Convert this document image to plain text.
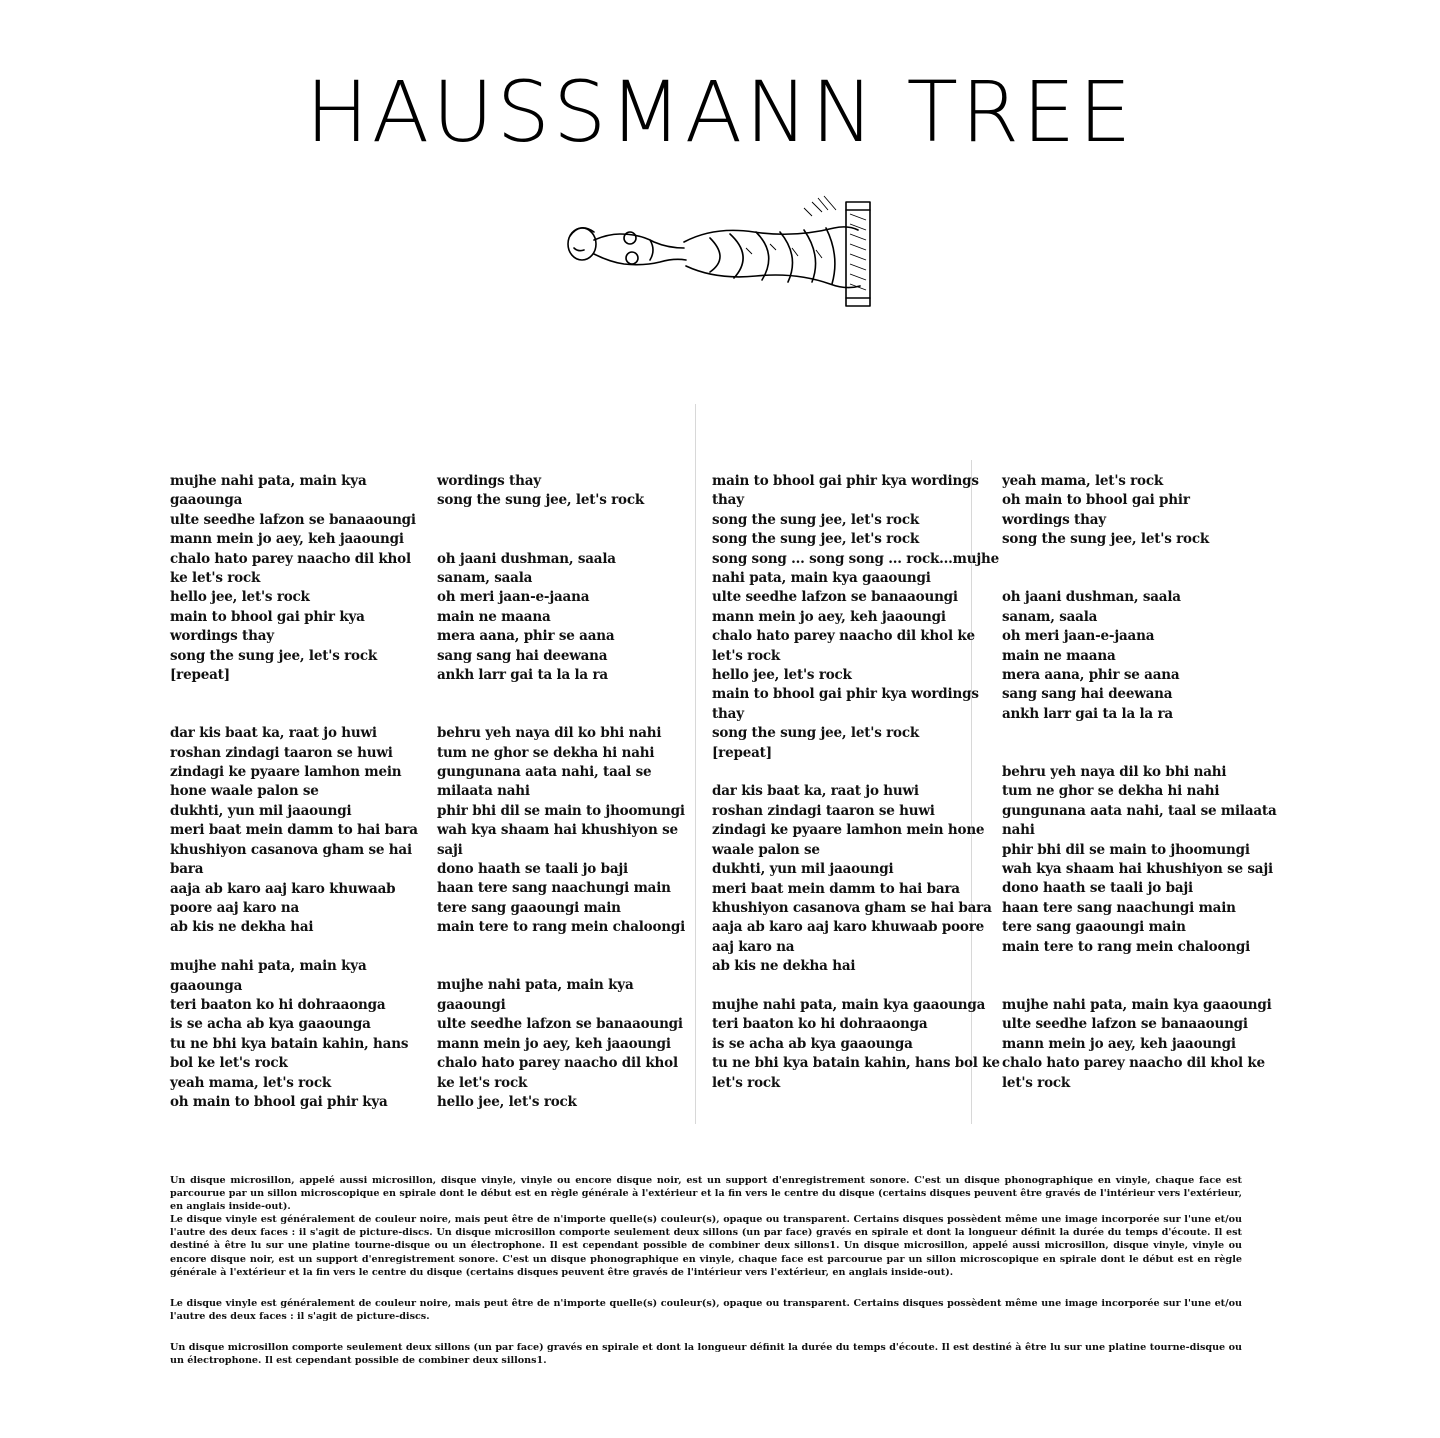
HAUSSMANN TREE
mujhe nahi pata, main kya
gaaounga
ulte seedhe lafzon se banaaoungi
mann mein jo aey, keh jaaoungi
chalo hato parey naacho dil khol
ke let's rock
hello jee, let's rock
main to bhool gai phir kya
wordings thay
song the sung jee, let's rock
[repeat]
dar kis baat ka, raat jo huwi
roshan zindagi taaron se huwi
zindagi ke pyaare lamhon mein
hone waale palon se
dukhti, yun mil jaaoungi
meri baat mein damm to hai bara
khushiyon casanova gham se hai
bara
aaja ab karo aaj karo khuwaab
poore aaj karo na
ab kis ne dekha hai
mujhe nahi pata, main kya
gaaounga
teri baaton ko hi dohraaonga
is se acha ab kya gaaounga
tu ne bhi kya batain kahin, hans
bol ke let's rock
yeah mama, let's rock
oh main to bhool gai phir kya
wordings thay
song the sung jee, let's rock
oh jaani dushman, saala
sanam, saala
oh meri jaan-e-jaana
main ne maana
mera aana, phir se aana
sang sang hai deewana
ankh larr gai ta la la ra
behru yeh naya dil ko bhi nahi
tum ne ghor se dekha hi nahi
gungunana aata nahi, taal se
milaata nahi
phir bhi dil se main to jhoomungi
wah kya shaam hai khushiyon se
saji
dono haath se taali jo baji
haan tere sang naachungi main
tere sang gaaoungi main
main tere to rang mein chaloongi
mujhe nahi pata, main kya
gaaoungi
ulte seedhe lafzon se banaaoungi
mann mein jo aey, keh jaaoungi
chalo hato parey naacho dil khol
ke let's rock
hello jee, let's rock
main to bhool gai phir kya wordings
thay
song the sung jee, let's rock
song the sung jee, let's rock
song song ... song song ... rock...mujhe
nahi pata, main kya gaaoungi
ulte seedhe lafzon se banaaoungi
mann mein jo aey, keh jaaoungi
chalo hato parey naacho dil khol ke
let's rock
hello jee, let's rock
main to bhool gai phir kya wordings
thay
song the sung jee, let's rock
[repeat]
dar kis baat ka, raat jo huwi
roshan zindagi taaron se huwi
zindagi ke pyaare lamhon mein hone
waale palon se
dukhti, yun mil jaaoungi
meri baat mein damm to hai bara
khushiyon casanova gham se hai bara
aaja ab karo aaj karo khuwaab poore
aaj karo na
ab kis ne dekha hai
mujhe nahi pata, main kya gaaounga
teri baaton ko hi dohraaonga
is se acha ab kya gaaounga
tu ne bhi kya batain kahin, hans bol ke
let's rock
yeah mama, let's rock
oh main to bhool gai phir
wordings thay
song the sung jee, let's rock
oh jaani dushman, saala
sanam, saala
oh meri jaan-e-jaana
main ne maana
mera aana, phir se aana
sang sang hai deewana
ankh larr gai ta la la ra
behru yeh naya dil ko bhi nahi
tum ne ghor se dekha hi nahi
gungunana aata nahi, taal se milaata
nahi
phir bhi dil se main to jhoomungi
wah kya shaam hai khushiyon se saji
dono haath se taali jo baji
haan tere sang naachungi main
tere sang gaaoungi main
main tere to rang mein chaloongi
mujhe nahi pata, main kya gaaoungi
ulte seedhe lafzon se banaaoungi
mann mein jo aey, keh jaaoungi
chalo hato parey naacho dil khol ke
let's rock

Un disque microsillon, appelé aussi microsillon, disque vinyle, vinyle ou encore disque noir, est un support d'enregistrement sonore. C'est un disque phonographique en vinyle, chaque face est parcourue par un sillon microscopique en spirale dont le début est en règle générale à l'extérieur et la fin vers le centre du disque (certains disques peuvent être gravés de l'intérieur vers l'extérieur, en anglais inside-out).

Le disque vinyle est généralement de couleur noire, mais peut être de n'importe quelle(s) couleur(s), opaque ou transparent. Certains disques possèdent même une image incorporée sur l'une et/ou l'autre des deux faces : il s'agit de picture-discs. Un disque microsillon comporte seulement deux sillons (un par face) gravés en spirale et dont la longueur définit la durée du temps d'écoute. Il est destiné à être lu sur une platine tourne-disque ou un électrophone. Il est cependant possible de combiner deux sillons1. Un disque microsillon, appelé aussi microsillon, disque vinyle, vinyle ou encore disque noir, est un support d'enregistrement sonore. C'est un disque phonographique en vinyle, chaque face est parcourue par un sillon microscopique en spirale dont le début est en règle générale à l'extérieur et la fin vers le centre du disque (certains disques peuvent être gravés de l'intérieur vers l'extérieur, en anglais inside-out).

Le disque vinyle est généralement de couleur noire, mais peut être de n'importe quelle(s) couleur(s), opaque ou transparent. Certains disques possèdent même une image incorporée sur l'une et/ou l'autre des deux faces : il s'agit de picture-discs.

Un disque microsillon comporte seulement deux sillons (un par face) gravés en spirale et dont la longueur définit la durée du temps d'écoute. Il est destiné à être lu sur une platine tourne-disque ou un électrophone. Il est cependant possible de combiner deux sillons1.
